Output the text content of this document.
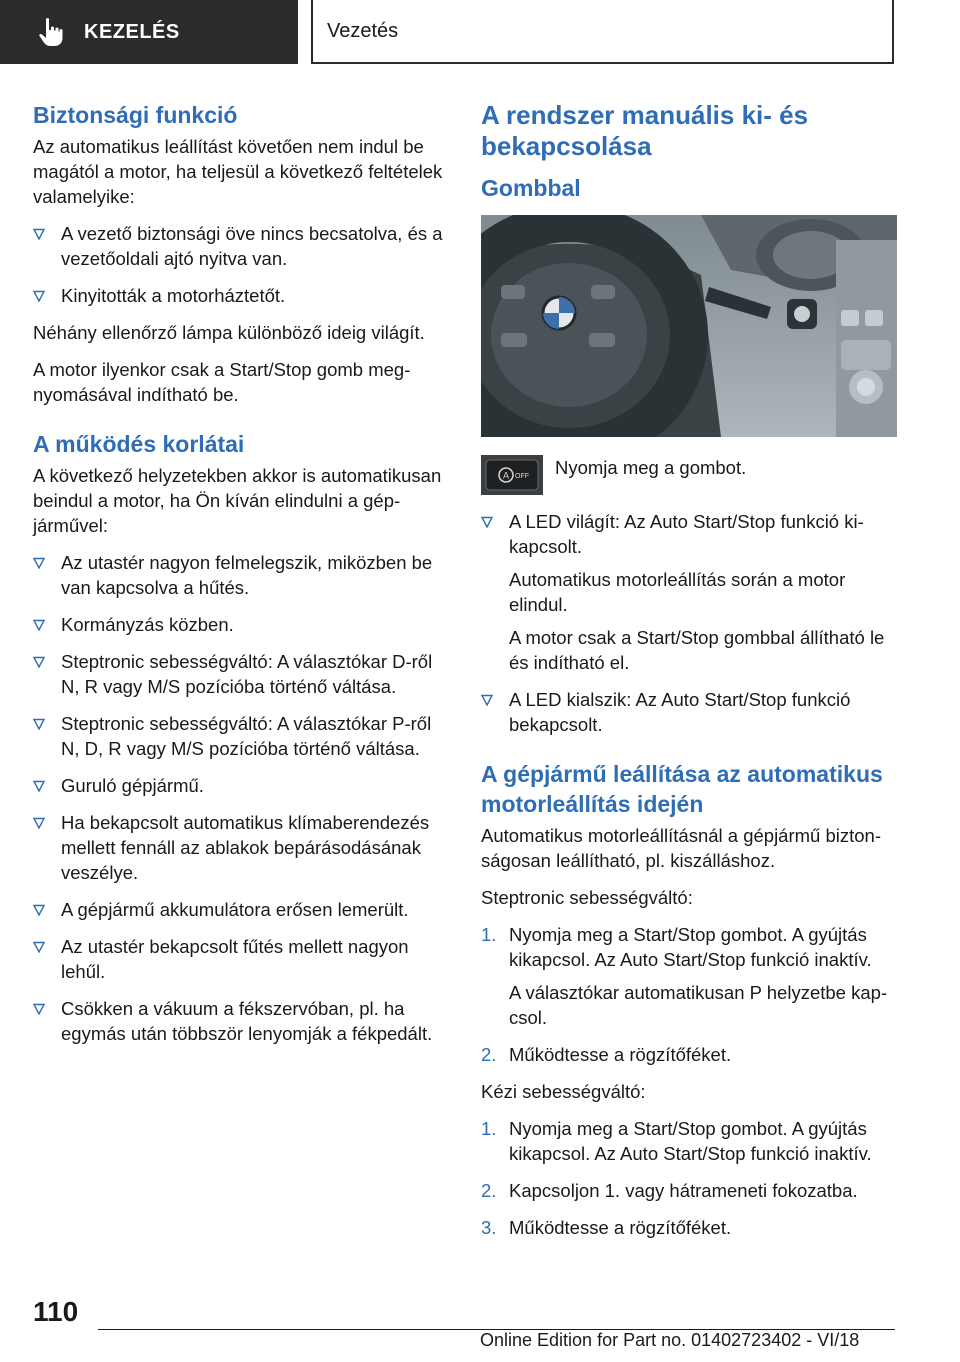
KEZELÉS	Vezetés
Biztonsági funkció

Az automatikus leállítást követően nem indul be magától a motor, ha teljesül a következő feltételek valamelyike:

A vezető biztonsági öve nincs becsatolva, és a vezetőoldali ajtó nyitva van.
Kinyitották a motorháztetőt.

Néhány ellenőrző lámpa különböző ideig világít.

A motor ilyenkor csak a Start/Stop gomb megnyomásával indítható be.

A működés korlátai

A következő helyzetekben akkor is automatikusan beindul a motor, ha Ön kíván elindulni a gépjárművel:

Az utastér nagyon felmelegszik, miközben be van kapcsolva a hűtés.
Kormányzás közben.
Steptronic sebességváltó: A választókar D-ről N, R vagy M/S pozícióba történő váltása.
Steptronic sebességváltó: A választókar P-ről N, D, R vagy M/S pozícióba történő váltása.
Guruló gépjármű.
Ha bekapcsolt automatikus klímaberendezés mellett fennáll az ablakok bepárásodásának veszélye.
A gépjármű akkumulátora erősen lemerült.
Az utastér bekapcsolt fűtés mellett nagyon lehűl.
Csökken a vákuum a fékszervóban, pl. ha egymás után többször lenyomják a fékpedált.
A rendszer manuális ki- és bekapcsolása
Gombbal
A OFF Nyomja meg a gombot.
A LED világít: Az Auto Start/Stop funkció kikapcsolt.

Automatikus motorleállítás során a motor elindul.

A motor csak a Start/Stop gombbal állítható le és indítható el.

A LED kialszik: Az Auto Start/Stop funkció bekapcsolt.
A gépjármű leállítása az automatikus motorleállítás idején

Automatikus motorleállításnál a gépjármű biztonságosan leállítható, pl. kiszálláshoz.

Steptronic sebességváltó:

1. Nyomja meg a Start/Stop gombot. A gyújtás kikapcsol. Az Auto Start/Stop funkció inaktív.

A választókar automatikusan P helyzetbe kapcsol.

2. Működtesse a rögzítőféket.

Kézi sebességváltó:

1. Nyomja meg a Start/Stop gombot. A gyújtás kikapcsol. Az Auto Start/Stop funkció inaktív.
2. Kapcsoljon 1. vagy hátrameneti fokozatba.
3. Működtesse a rögzítőféket.
110
Online Edition for Part no. 01402723402 - VI/18
